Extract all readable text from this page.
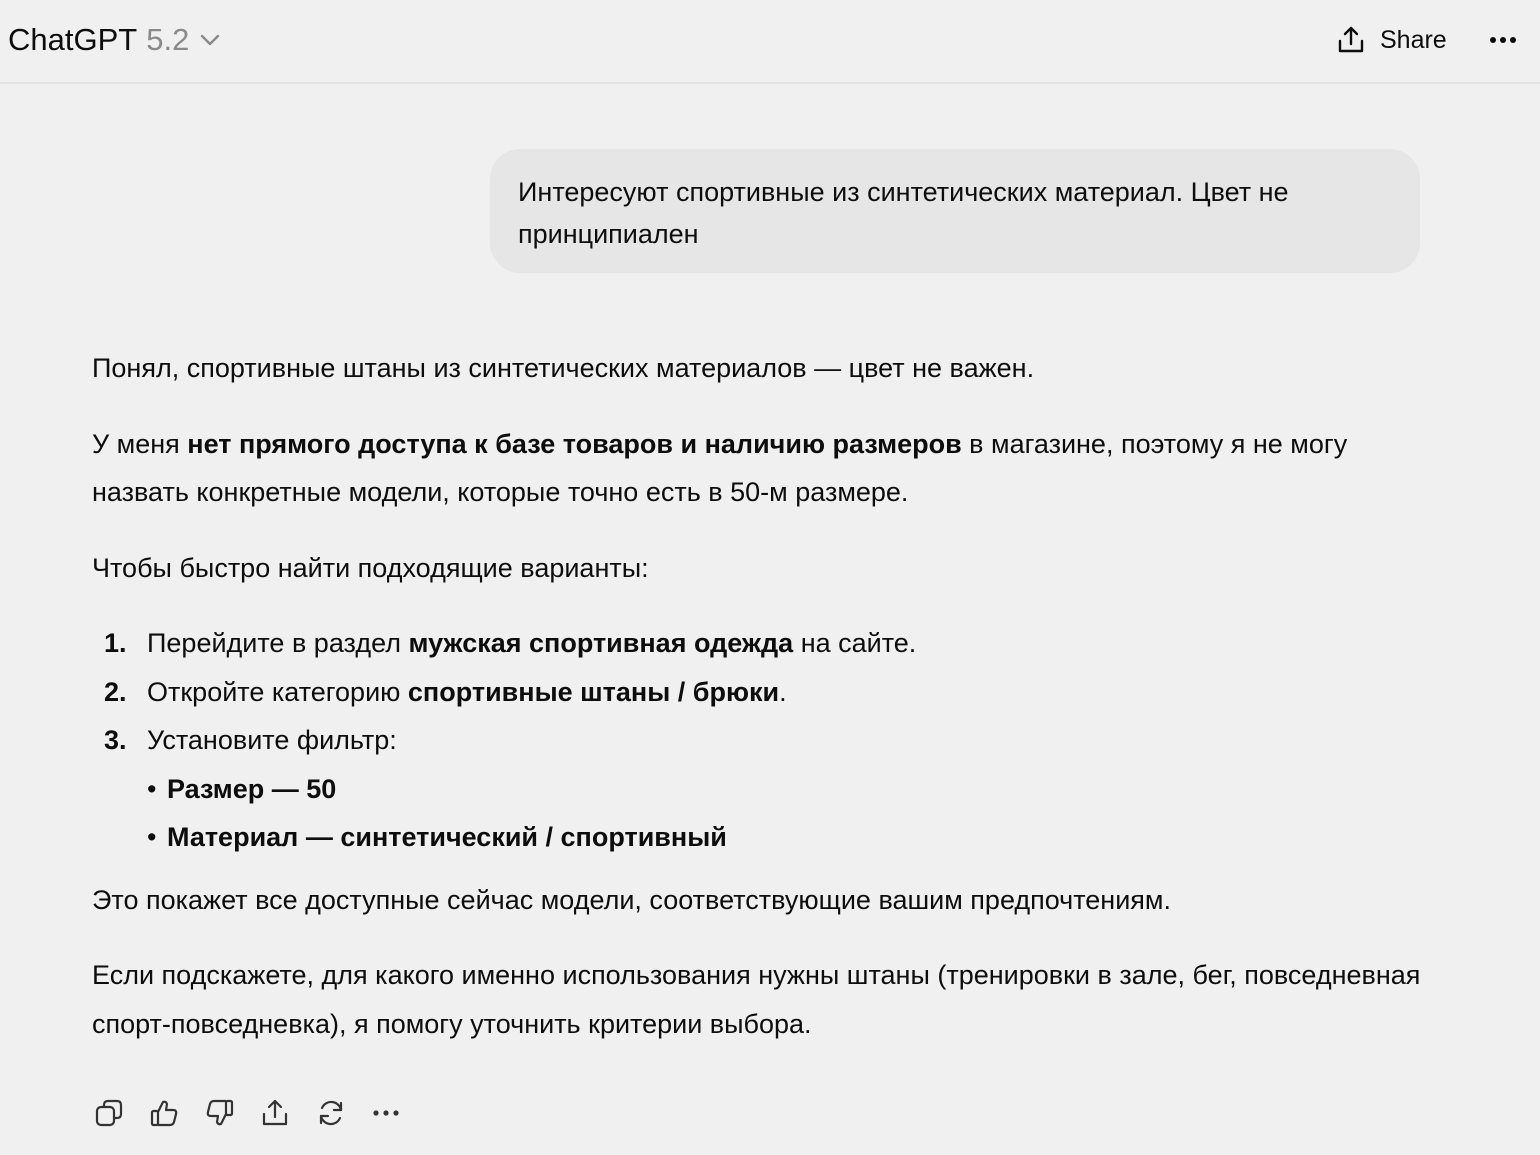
ChatGPT 5.2	Share
Интересуют спортивные из синтетических материал. Цвет не принципиален

Понял, спортивные штаны из синтетических материалов — цвет не важен.

У меня нет прямого доступа к базе товаров и наличию размеров в магазине, поэтому я не могу назвать конкретные модели, которые точно есть в 50-м размере.

Чтобы быстро найти подходящие варианты:

1. Перейдите в раздел мужская спортивная одежда на сайте.
2. Откройте категорию спортивные штаны / брюки.
3. Установите фильтр:
• Размер — 50
• Материал — синтетический / спортивный

Это покажет все доступные сейчас модели, соответствующие вашим предпочтениям.

Если подскажете, для какого именно использования нужны штаны (тренировки в зале, бег, повседневная спорт-повседневка), я помогу уточнить критерии выбора.
